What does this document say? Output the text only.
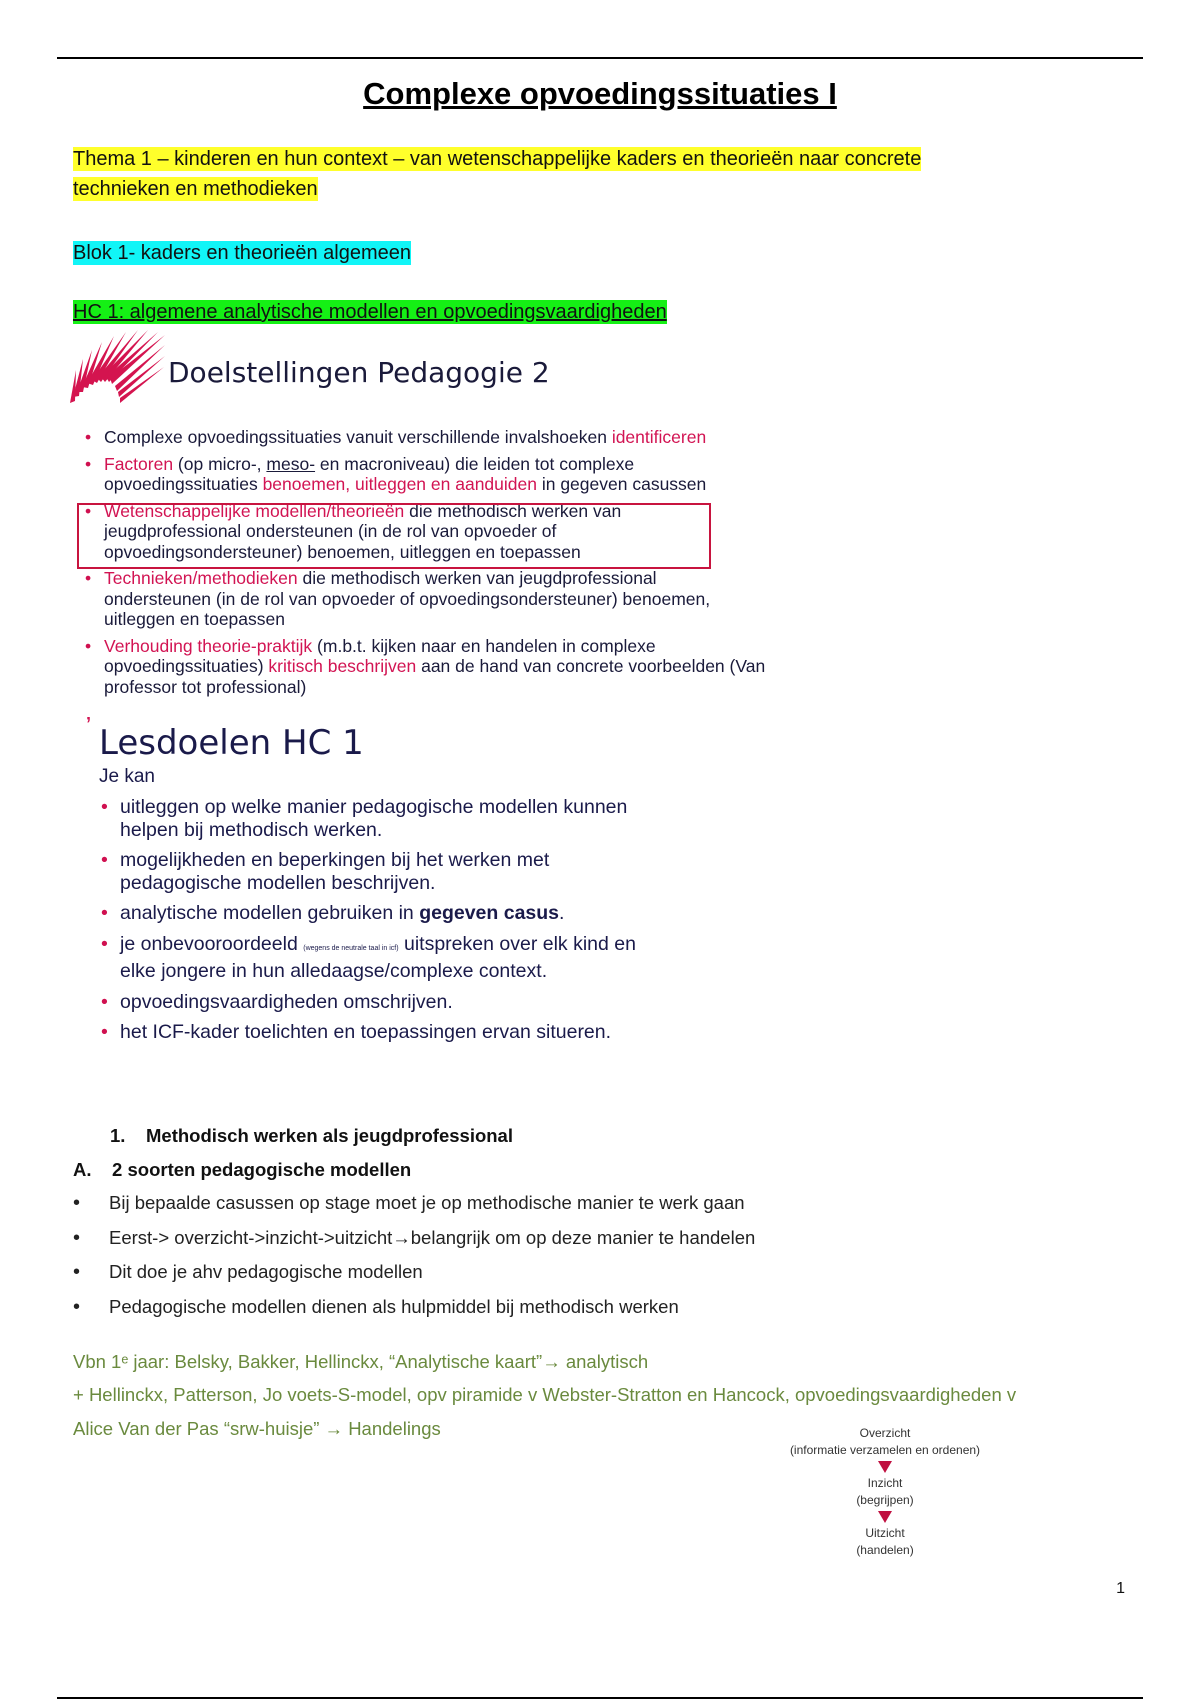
Complexe opvoedingssituaties I
Thema 1 – kinderen en hun context – van wetenschappelijke kaders en theorieën naar concrete
technieken en methodieken
Blok 1- kaders en theorieën algemeen
HC 1: algemene analytische modellen en opvoedingsvaardigheden
Doelstellingen Pedagogie 2
• Complexe opvoedingssituaties vanuit verschillende invalshoeken identificeren
• Factoren (op micro-, meso- en macroniveau) die leiden tot complexe opvoedingssituaties benoemen, uitleggen en aanduiden in gegeven casussen
• Wetenschappelijke modellen/theorieën die methodisch werken van jeugdprofessional ondersteunen (in de rol van opvoeder of opvoedingsondersteuner) benoemen, uitleggen en toepassen
• Technieken/methodieken die methodisch werken van jeugdprofessional ondersteunen (in de rol van opvoeder of opvoedingsondersteuner) benoemen, uitleggen en toepassen
• Verhouding theorie-praktijk (m.b.t. kijken naar en handelen in complexe opvoedingssituaties) kritisch beschrijven aan de hand van concrete voorbeelden (Van professor tot professional)
’ Lesdoelen HC 1
Je kan
• uitleggen op welke manier pedagogische modellen kunnen helpen bij methodisch werken.
• mogelijkheden en beperkingen bij het werken met pedagogische modellen beschrijven.
• analytische modellen gebruiken in gegeven casus.
• je onbevooroordeeld (wegens de neutrale taal in icf) uitspreken over elk kind en elke jongere in hun alledaagse/complexe context.
• opvoedingsvaardigheden omschrijven.
• het ICF-kader toelichten en toepassingen ervan situeren.
1.    Methodisch werken als jeugdprofessional
A.    2 soorten pedagogische modellen
• Bij bepaalde casussen op stage moet je op methodische manier te werk gaan
• Eerst-> overzicht->inzicht->uitzicht→belangrijk om op deze manier te handelen
• Dit doe je ahv pedagogische modellen
• Pedagogische modellen dienen als hulpmiddel bij methodisch werken
Vbn 1ᵉ jaar: Belsky, Bakker, Hellinckx, “Analytische kaart”→ analytisch
+ Hellinckx, Patterson, Jo voets-S-model, opv piramide v Webster-Stratton en Hancock, opvoedingsvaardigheden v
Alice Van der Pas “srw-huisje” → Handelings	Overzicht
(informatie verzamelen en ordenen)
Inzicht
(begrijpen)
Uitzicht
(handelen)
1
